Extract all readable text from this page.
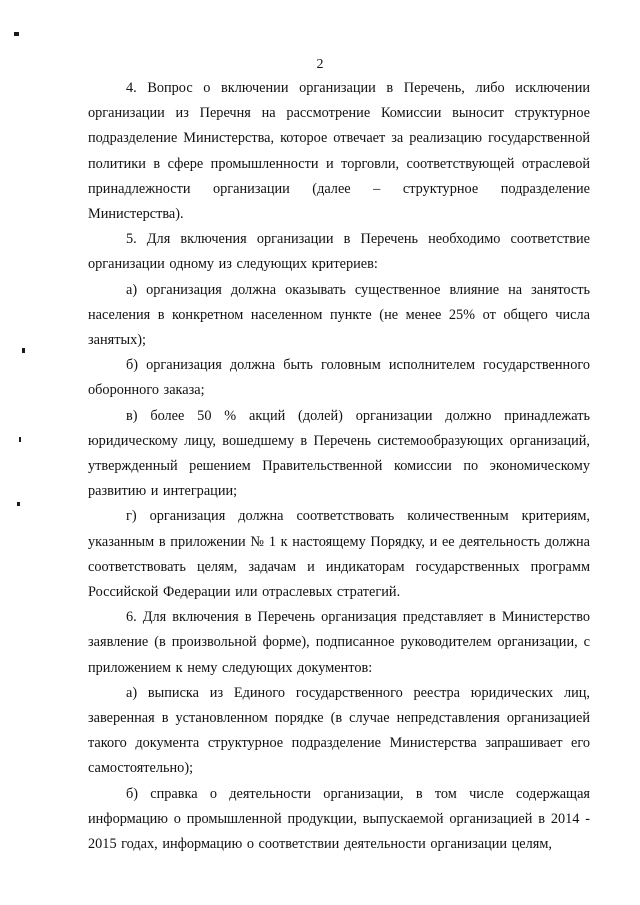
2

4. Вопрос о включении организации в Перечень, либо исключении организации из Перечня на рассмотрение Комиссии выносит структурное подразделение Министерства, которое отвечает за реализацию государственной политики в сфере промышленности и торговли, соответствующей отраслевой принадлежности организации (далее – структурное подразделение Министерства).

5. Для включения организации в Перечень необходимо соответствие организации одному из следующих критериев:

а) организация должна оказывать существенное влияние на занятость населения в конкретном населенном пункте (не менее 25% от общего числа занятых);

б) организация должна быть головным исполнителем государственного оборонного заказа;

в) более 50 % акций (долей) организации должно принадлежать юридическому лицу, вошедшему в Перечень системообразующих организаций, утвержденный решением Правительственной комиссии по экономическому развитию и интеграции;

г) организация должна соответствовать количественным критериям, указанным в приложении № 1 к настоящему Порядку, и ее деятельность должна соответствовать целям, задачам и индикаторам государственных программ Российской Федерации или отраслевых стратегий.

6. Для включения в Перечень организация представляет в Министерство заявление (в произвольной форме), подписанное руководителем организации, с приложением к нему следующих документов:

а) выписка из Единого государственного реестра юридических лиц, заверенная в установленном порядке (в случае непредставления организацией такого документа структурное подразделение Министерства запрашивает его самостоятельно);

б) справка о деятельности организации, в том числе содержащая информацию о промышленной продукции, выпускаемой организацией в 2014 - 2015 годах, информацию о соответствии деятельности организации целям,
